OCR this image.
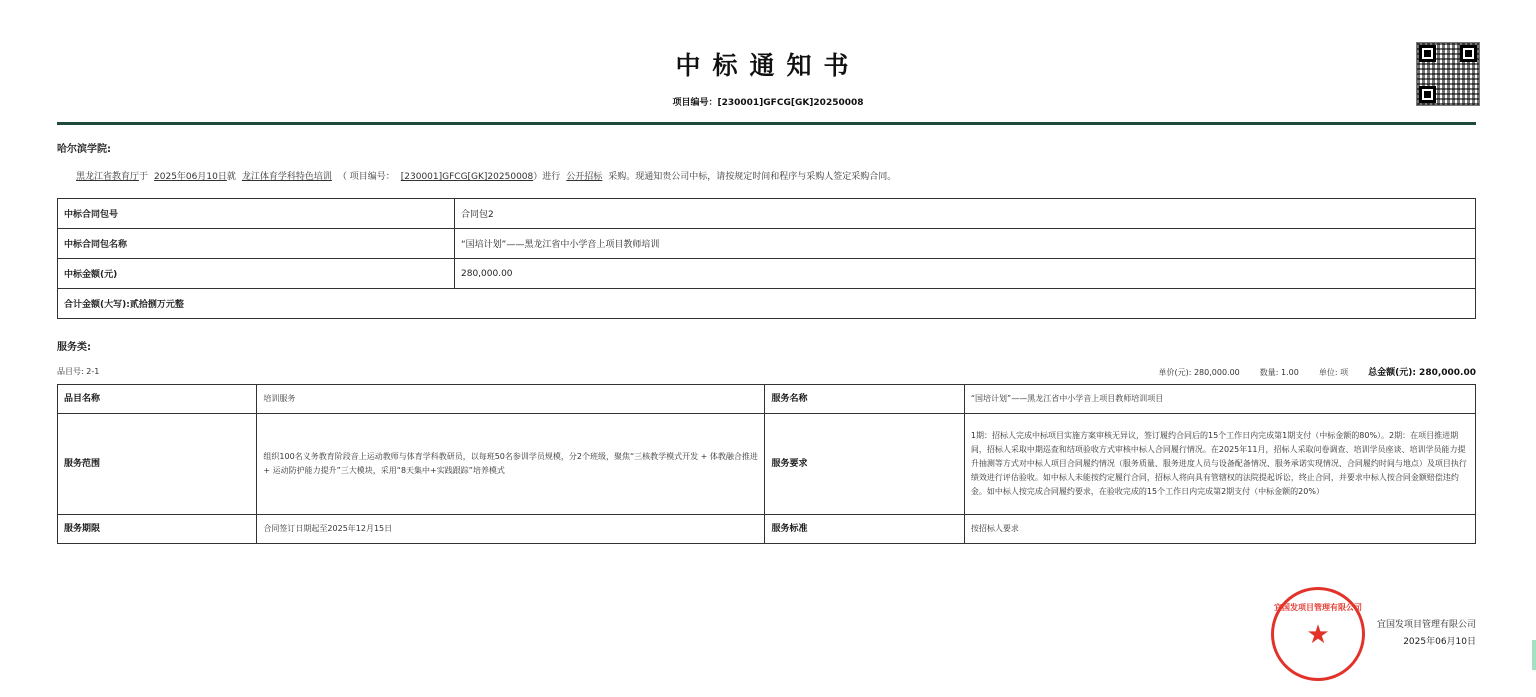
中标通知书
项目编号：[230001]GFCG[GK]20250008
哈尔滨学院:
黑龙江省教育厅于 2025年06月10日就 龙江体育学科特色培训 （ 项目编号： [230001]GFCG[GK]20250008）进行 公开招标 采购。现通知贵公司中标，请按规定时间和程序与采购人签定采购合同。
中标合同包号	合同包2
中标合同包名称	“国培计划”——黑龙江省中小学音上项目教师培训
中标金额(元)	280,000.00
合计金额(大写):贰拾捌万元整	
服务类:
品目号: 2-1	单价(元): 280,000.00	数量: 1.00	单位: 项 总金额(元): 280,000.00
品目名称	培训服务	服务名称	“国培计划”——黑龙江省中小学音上项目教师培训项目
服务范围	组织100名义务教育阶段音上运动教师与体育学科教研员，以每班50名参训学员规模，分2个班级，聚焦“三核教学模式开发 + 体教融合推进 + 运动防护能力提升”三大模块，采用“8天集中+实践跟踪”培养模式	服务要求	1期：招标人完成中标项目实施方案审核无异议，签订履约合同后的15个工作日内完成第1期支付（中标金额的80%）。2期：在项目推进期间，招标人采取中期巡查和结项验收方式审核中标人合同履行情况。在2025年11月，招标人采取问卷调查、培训学员座谈、培训学员能力提升抽测等方式对中标人项目合同履约情况（服务质量、服务进度人员与设备配备情况、服务承诺实现情况、合同履约时间与地点）及项目执行绩效进行评估验收。如中标人未能按约定履行合同，招标人将向具有管辖权的法院提起诉讼，终止合同，并要求中标人按合同金额赔偿违约金。如中标人按完成合同履约要求，在验收完成的15个工作日内完成第2期支付（中标金额的20%）
服务期限	合同签订日期起至2025年12月15日	服务标准	按招标人要求
宜国发项目管理有限公司
★	宜国发项目管理有限公司
2025年06月10日
